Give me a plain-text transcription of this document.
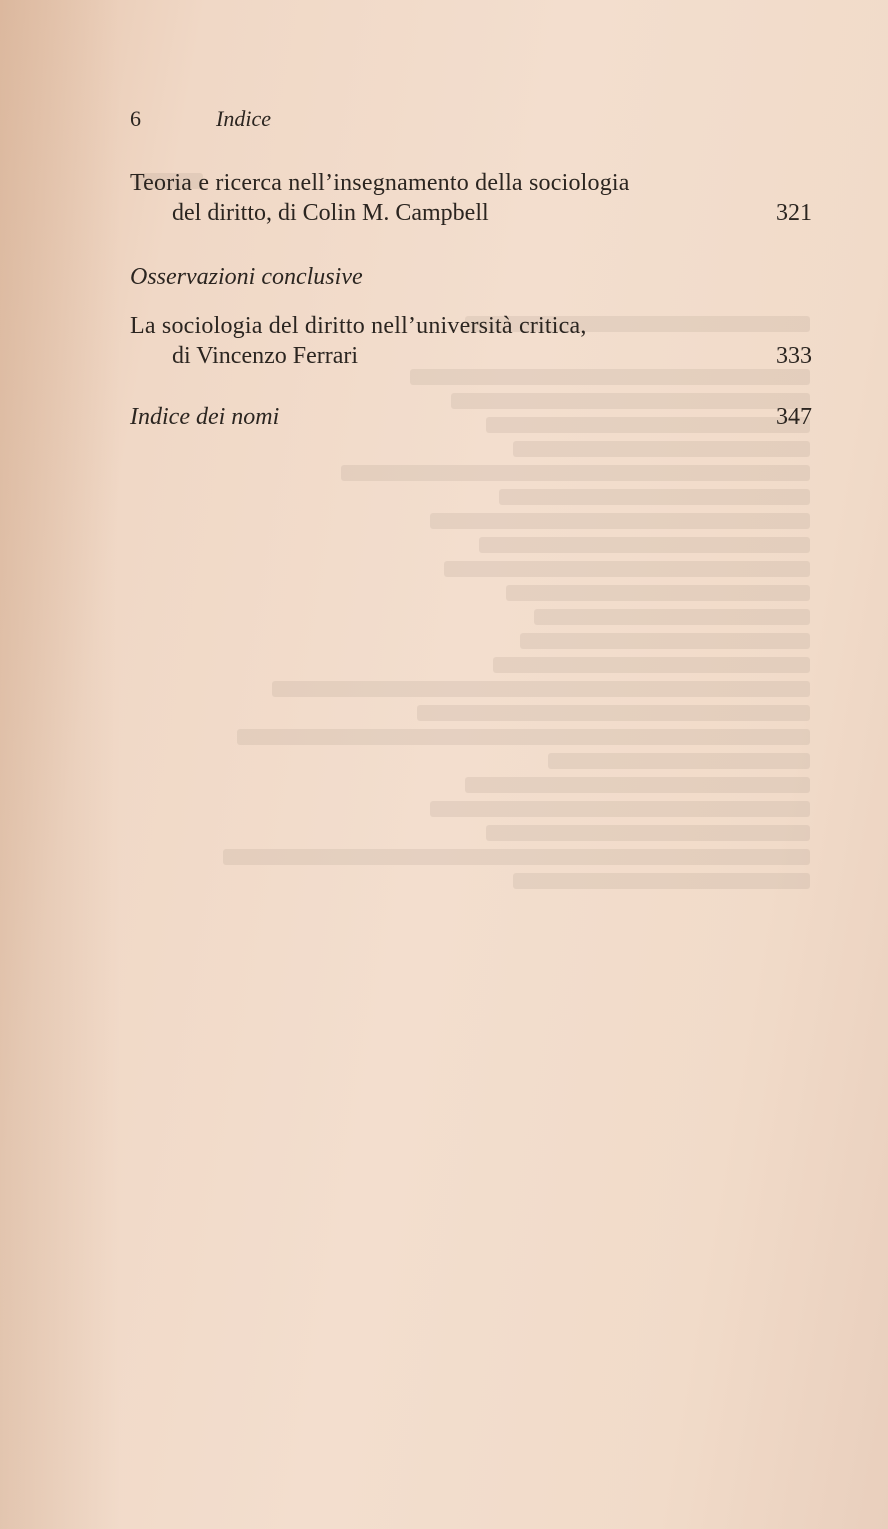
6	Indice
Teoria e ricerca nell’insegnamento della sociologia
del diritto, di Colin M. Campbell	321
Osservazioni conclusive
La sociologia del diritto nell’università critica,
di Vincenzo Ferrari	333
Indice dei nomi	347
